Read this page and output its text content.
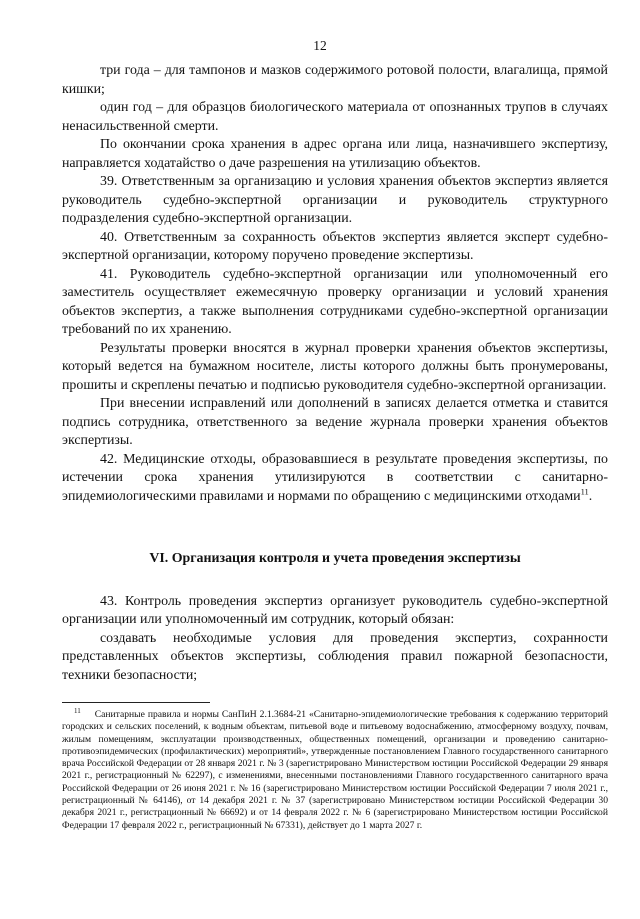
12

три года – для тампонов и мазков содержимого ротовой полости, влагалища, прямой кишки;

один год – для образцов биологического материала от опознанных трупов в случаях ненасильственной смерти.

По окончании срока хранения в адрес органа или лица, назначившего экспертизу, направляется ходатайство о даче разрешения на утилизацию объектов.

39. Ответственным за организацию и условия хранения объектов экспертиз является руководитель судебно-экспертной организации и руководитель структурного подразделения судебно-экспертной организации.

40. Ответственным за сохранность объектов экспертиз является эксперт судебно-экспертной организации, которому поручено проведение экспертизы.

41. Руководитель судебно-экспертной организации или уполномоченный его заместитель осуществляет ежемесячную проверку организации и условий хранения объектов экспертиз, а также выполнения сотрудниками судебно-экспертной организации требований по их хранению.

Результаты проверки вносятся в журнал проверки хранения объектов экспертизы, который ведется на бумажном носителе, листы которого должны быть пронумерованы, прошиты и скреплены печатью и подписью руководителя судебно-экспертной организации.

При внесении исправлений или дополнений в записях делается отметка и ставится подпись сотрудника, ответственного за ведение журнала проверки хранения объектов экспертизы.

42. Медицинские отходы, образовавшиеся в результате проведения экспертизы, по истечении срока хранения утилизируются в соответствии с санитарно-эпидемиологическими правилами и нормами по обращению с медицинскими отходами$^{11}$.

VI. Организация контроля и учета проведения экспертизы

43. Контроль проведения экспертиз организует руководитель судебно-экспертной организации или уполномоченный им сотрудник, который обязан:

создавать необходимые условия для проведения экспертиз, сохранности представленных объектов экспертизы, соблюдения правил пожарной безопасности, техники безопасности;

$^{11}$ Санитарные правила и нормы СанПиН 2.1.3684-21 «Санитарно-эпидемиологические требования к содержанию территорий городских и сельских поселений, к водным объектам, питьевой воде и питьевому водоснабжению, атмосферному воздуху, почвам, жилым помещениям, эксплуатации производственных, общественных помещений, организации и проведению санитарно-противоэпидемических (профилактических) мероприятий», утвержденные постановлением Главного государственного санитарного врача Российской Федерации от 28 января 2021 г. № 3 (зарегистрировано Министерством юстиции Российской Федерации 29 января 2021 г., регистрационный № 62297), с изменениями, внесенными постановлениями Главного государственного санитарного врача Российской Федерации от 26 июня 2021 г. № 16 (зарегистрировано Министерством юстиции Российской Федерации 7 июля 2021 г., регистрационный № 64146), от 14 декабря 2021 г. № 37 (зарегистрировано Министерством юстиции Российской Федерации 30 декабря 2021 г., регистрационный № 66692) и от 14 февраля 2022 г. № 6 (зарегистрировано Министерством юстиции Российской Федерации 17 февраля 2022 г., регистрационный № 67331), действует до 1 марта 2027 г.
